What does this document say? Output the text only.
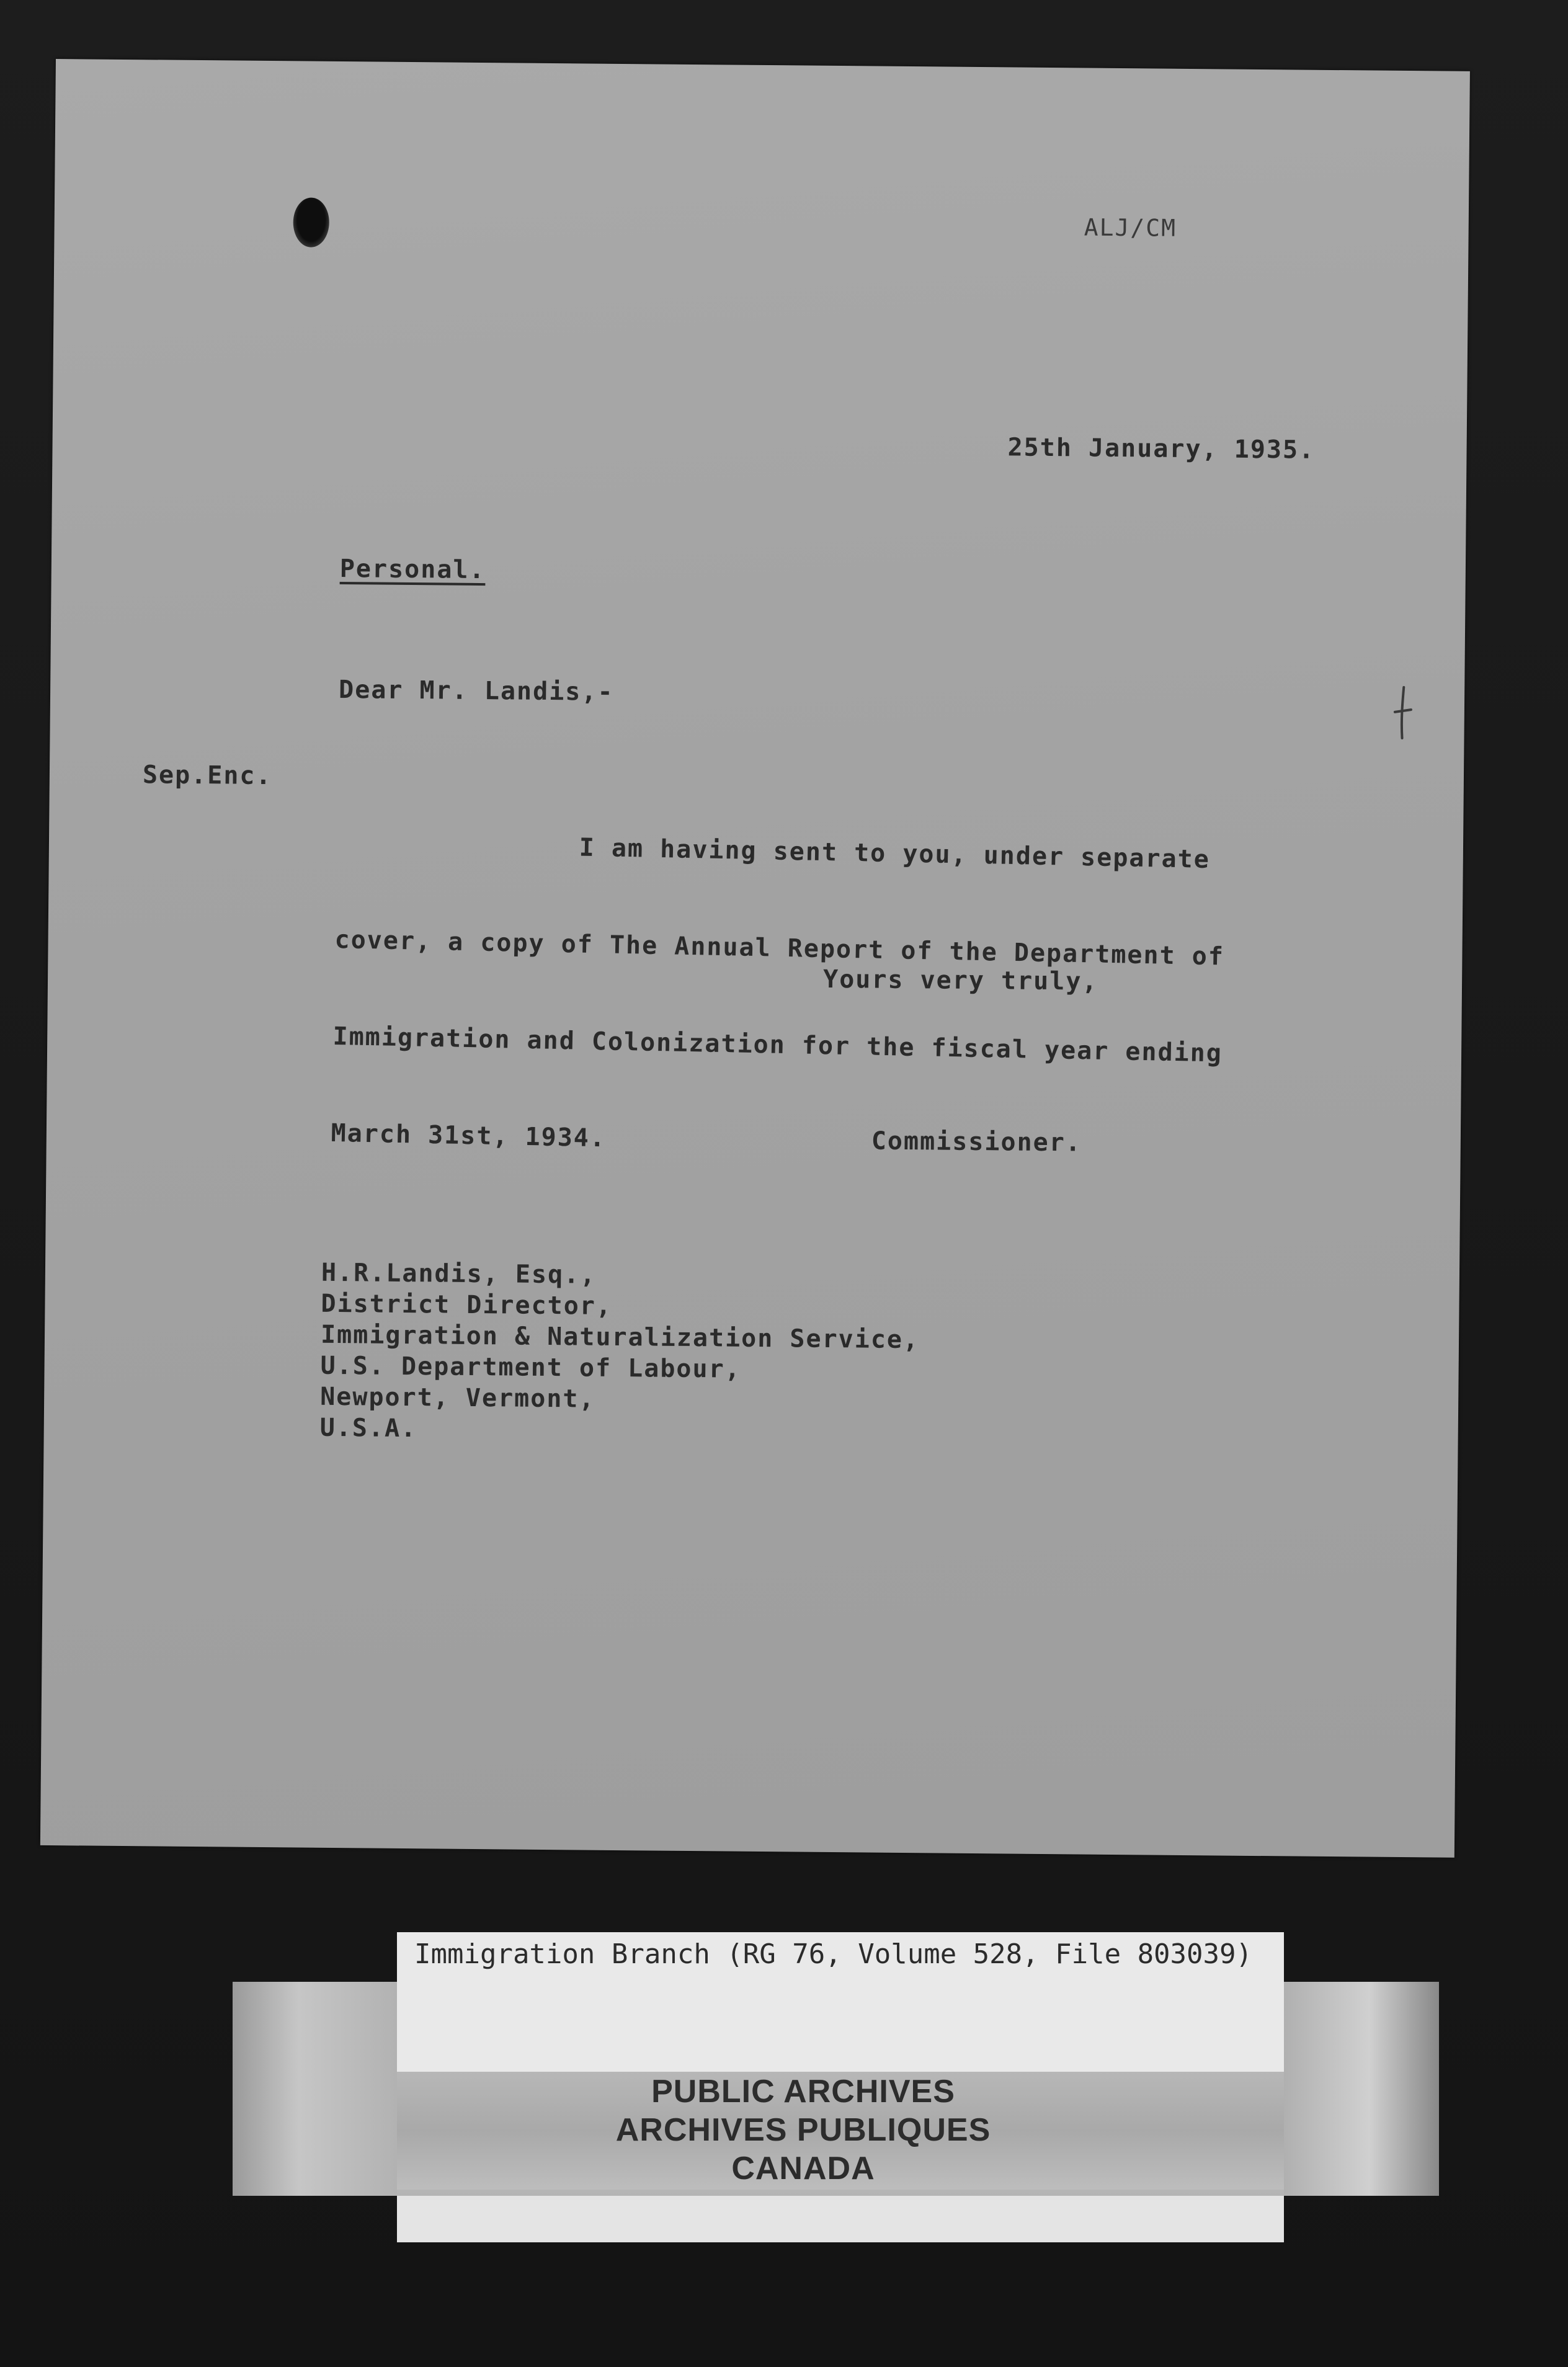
ALJ/CM
25th January, 1935.
Personal.
Dear Mr. Landis,-
Sep.Enc.

I am having sent to you, under separate

cover, a copy of The Annual Report of the Department of

Immigration and Colonization for the fiscal year ending

March 31st, 1934.

Yours very truly,
Commissioner.
H.R.Landis, Esq.,
District Director,
Immigration & Naturalization Service,
U.S. Department of Labour,
Newport, Vermont,
U.S.A.
Immigration Branch (RG 76, Volume 528, File 803039)
PUBLIC ARCHIVES
ARCHIVES PUBLIQUES
CANADA
